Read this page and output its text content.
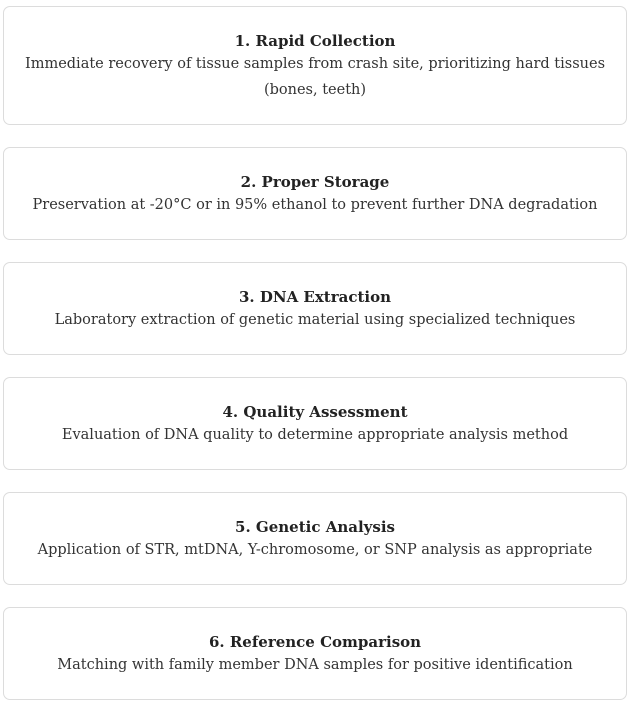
1. Rapid Collection
Immediate recovery of tissue samples from crash site, prioritizing hard tissues (bones, teeth)
2. Proper Storage
Preservation at -20°C or in 95% ethanol to prevent further DNA degradation
3. DNA Extraction
Laboratory extraction of genetic material using specialized techniques
4. Quality Assessment
Evaluation of DNA quality to determine appropriate analysis method
5. Genetic Analysis
Application of STR, mtDNA, Y-chromosome, or SNP analysis as appropriate
6. Reference Comparison
Matching with family member DNA samples for positive identification
